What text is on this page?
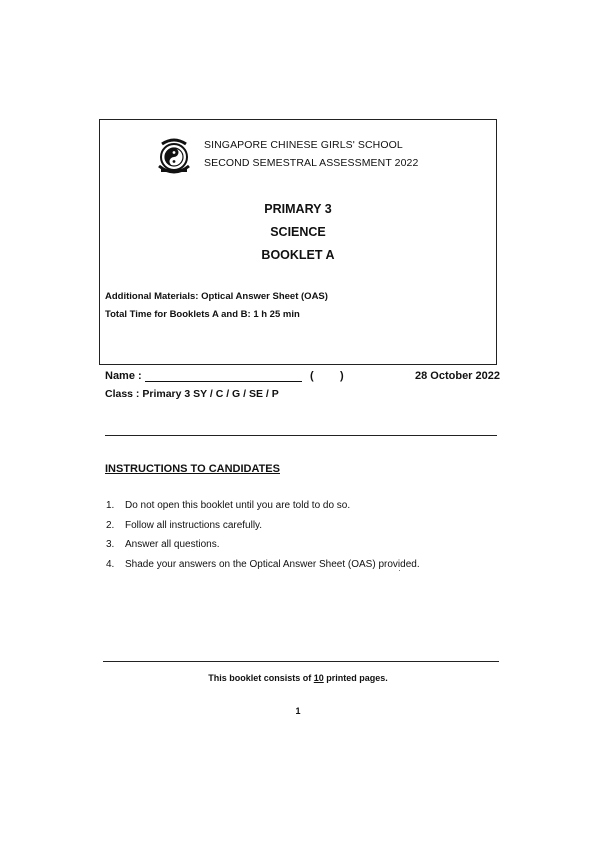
SINGAPORE CHINESE GIRLS' SCHOOL
SECOND SEMESTRAL ASSESSMENT 2022
PRIMARY 3
SCIENCE
BOOKLET A
Additional Materials: Optical Answer Sheet (OAS)
Total Time for Booklets A and B: 1 h 25 min
Name :	( )	28 October 2022
Class : Primary 3 SY / C / G / SE / P
INSTRUCTIONS TO CANDIDATES
1. Do not open this booklet until you are told to do so.
2. Follow all instructions carefully.
3. Answer all questions.
4. Shade your answers on the Optical Answer Sheet (OAS) provided.
This booklet consists of 10 printed pages.
1
